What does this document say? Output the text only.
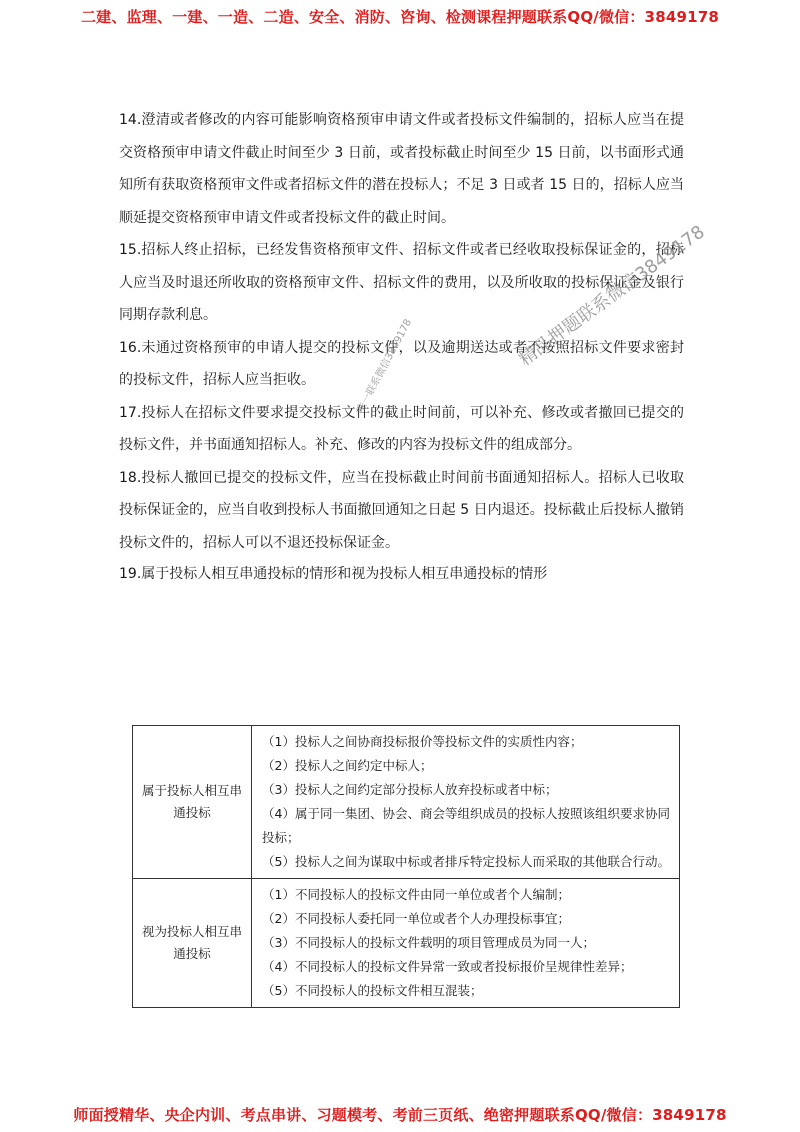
二建、监理、一建、一造、二造、安全、消防、咨询、检测课程押题联系QQ/微信：3849178

14.澄清或者修改的内容可能影响资格预审申请文件或者投标文件编制的，招标人应当在提交资格预审申请文件截止时间至少 3 日前，或者投标截止时间至少 15 日前，以书面形式通知所有获取资格预审文件或者招标文件的潜在投标人；不足 3 日或者 15 日的，招标人应当顺延提交资格预审申请文件或者投标文件的截止时间。

15.招标人终止招标，已经发售资格预审文件、招标文件或者已经收取投标保证金的，招标人应当及时退还所收取的资格预审文件、招标文件的费用，以及所收取的投标保证金及银行同期存款利息。

16.未通过资格预审的申请人提交的投标文件，以及逾期送达或者不按照招标文件要求密封的投标文件，招标人应当拒收。

17.投标人在招标文件要求提交投标文件的截止时间前，可以补充、修改或者撤回已提交的投标文件，并书面通知招标人。补充、修改的内容为投标文件的组成部分。

18.投标人撤回已提交的投标文件，应当在投标截止时间前书面通知招标人。招标人已收取投标保证金的，应当自收到投标人书面撤回通知之日起 5 日内退还。投标截止后投标人撤销投标文件的，招标人可以不退还投标保证金。

19.属于投标人相互串通投标的情形和视为投标人相互串通投标的情形

属于投标人相互串通投标	（1）投标人之间协商投标报价等投标文件的实质性内容；
（2）投标人之间约定中标人；
（3）投标人之间约定部分投标人放弃投标或者中标；
（4）属于同一集团、协会、商会等组织成员的投标人按照该组织要求协同投标；
（5）投标人之间为谋取中标或者排斥特定投标人而采取的其他联合行动。

视为投标人相互串通投标	（1）不同投标人的投标文件由同一单位或者个人编制；
（2）不同投标人委托同一单位或者个人办理投标事宜；
（3）不同投标人的投标文件载明的项目管理成员为同一人；
（4）不同投标人的投标文件异常一致或者投标报价呈规律性差异；
（5）不同投标人的投标文件相互混装；
精品押题联系微信3849178
唯一联系微信3849178
师面授精华、央企内训、考点串讲、习题模考、考前三页纸、绝密押题联系QQ/微信：3849178
